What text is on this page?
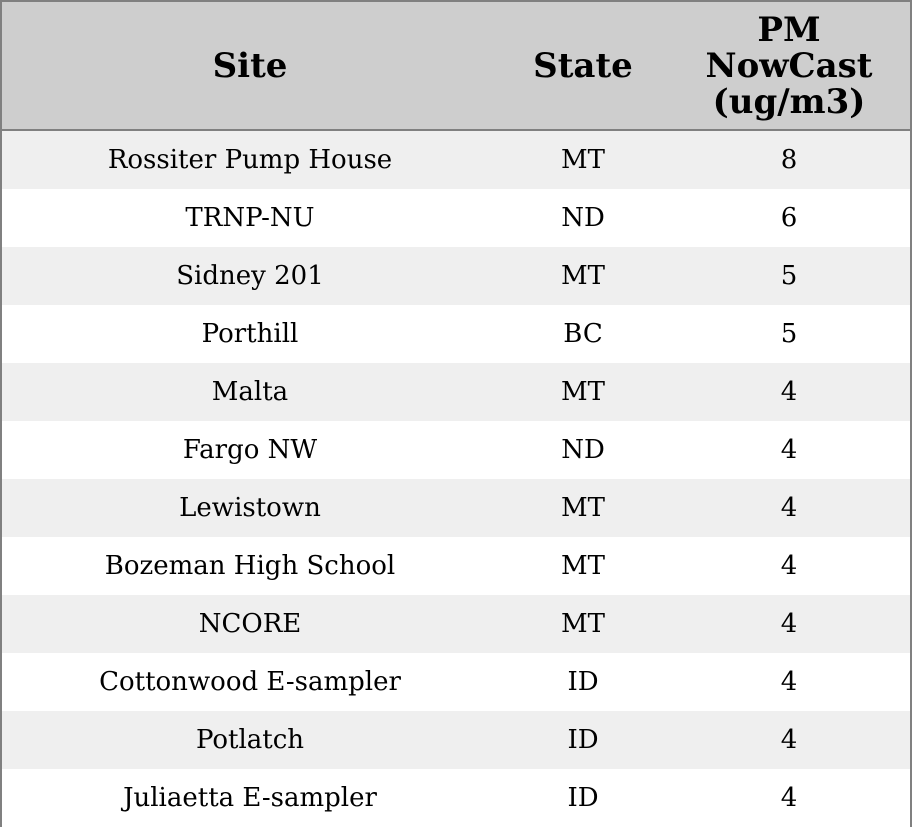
Site	State	PM NowCast (ug/m3)
Rossiter Pump House	MT	8
TRNP-NU	ND	6
Sidney 201	MT	5
Porthill	BC	5
Malta	MT	4
Fargo NW	ND	4
Lewistown	MT	4
Bozeman High School	MT	4
NCORE	MT	4
Cottonwood E-sampler	ID	4
Potlatch	ID	4
Juliaetta E-sampler	ID	4
